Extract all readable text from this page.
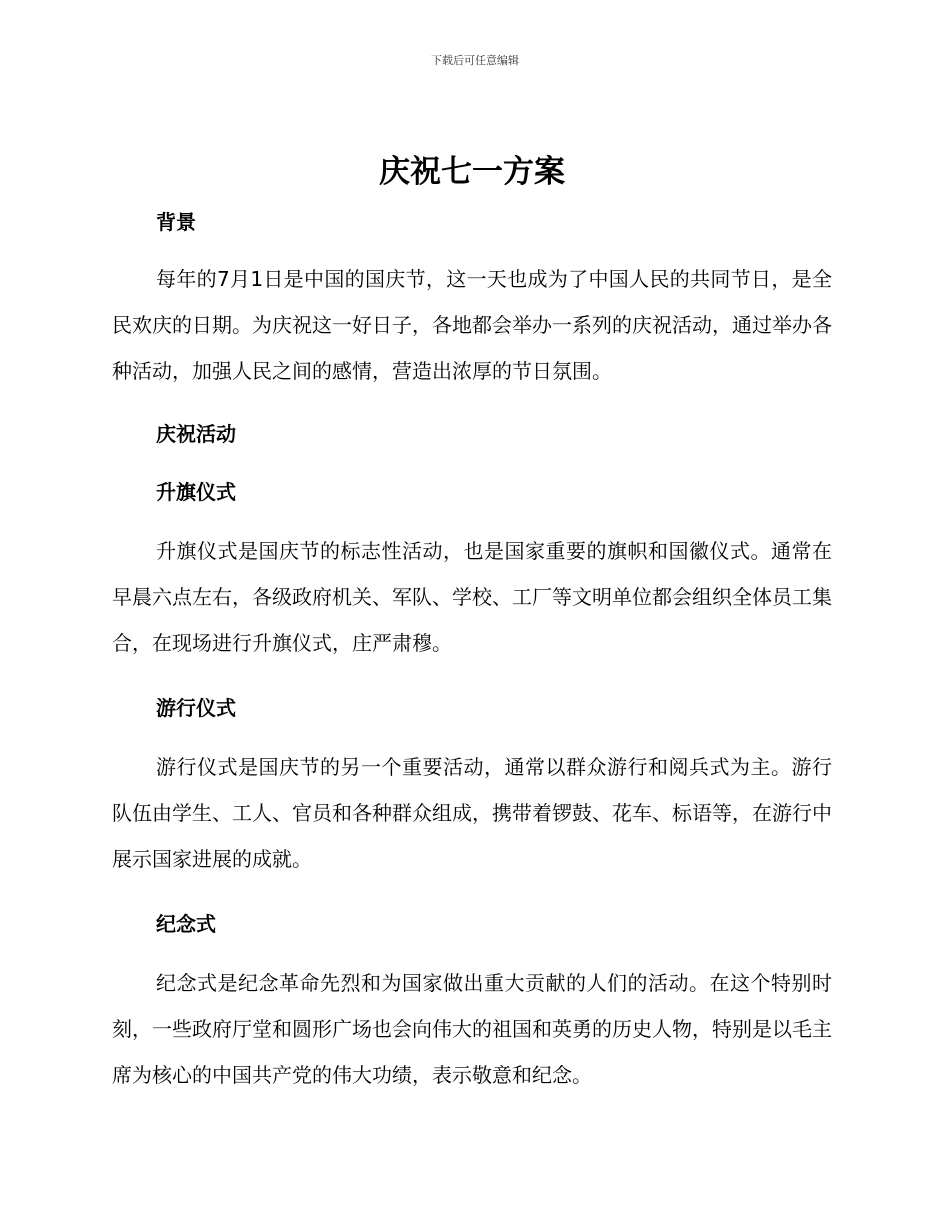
下载后可任意编辑
庆祝七一方案
背景

每年的7月1日是中国的国庆节，这一天也成为了中国人民的共同节日，是全民欢庆的日期。为庆祝这一好日子，各地都会举办一系列的庆祝活动，通过举办各种活动，加强人民之间的感情，营造出浓厚的节日氛围。

庆祝活动
升旗仪式

升旗仪式是国庆节的标志性活动，也是国家重要的旗帜和国徽仪式。通常在早晨六点左右，各级政府机关、军队、学校、工厂等文明单位都会组织全体员工集合，在现场进行升旗仪式，庄严肃穆。

游行仪式

游行仪式是国庆节的另一个重要活动，通常以群众游行和阅兵式为主。游行队伍由学生、工人、官员和各种群众组成，携带着锣鼓、花车、标语等，在游行中展示国家进展的成就。

纪念式

纪念式是纪念革命先烈和为国家做出重大贡献的人们的活动。在这个特别时刻，一些政府厅堂和圆形广场也会向伟大的祖国和英勇的历史人物，特别是以毛主席为核心的中国共产党的伟大功绩，表示敬意和纪念。
